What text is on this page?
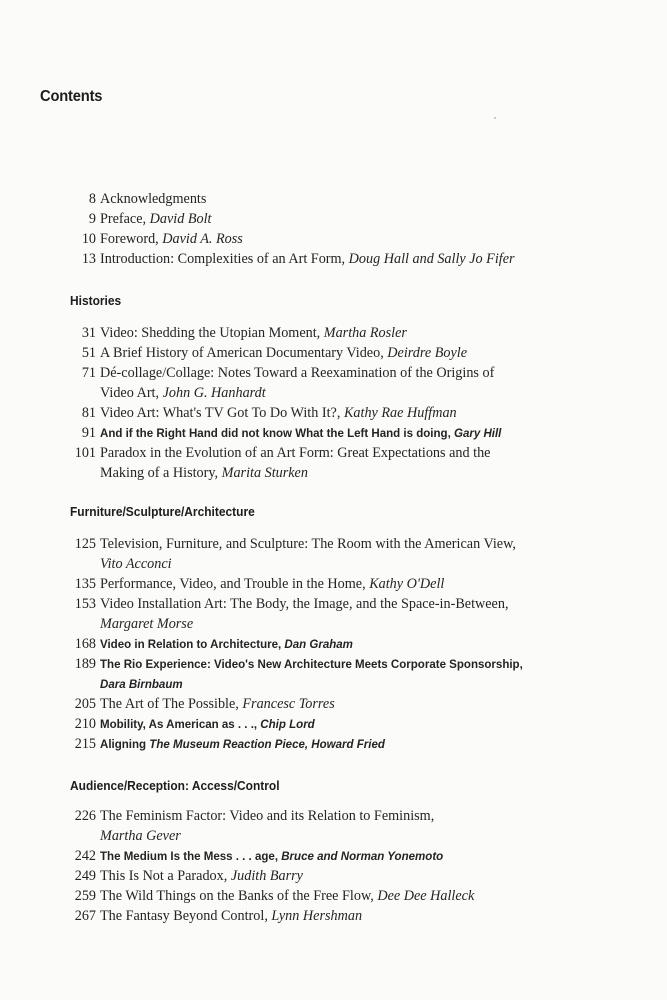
Contents
8 Acknowledgments
9 Preface, David Bolt
10 Foreword, David A. Ross
13 Introduction: Complexities of an Art Form, Doug Hall and Sally Jo Fifer
Histories
31 Video: Shedding the Utopian Moment, Martha Rosler
51 A Brief History of American Documentary Video, Deirdre Boyle
71 Dé-collage/Collage: Notes Toward a Reexamination of the Origins of
Video Art, John G. Hanhardt
81 Video Art: What's TV Got To Do With It?, Kathy Rae Huffman
91 And if the Right Hand did not know What the Left Hand is doing, Gary Hill
101 Paradox in the Evolution of an Art Form: Great Expectations and the
Making of a History, Marita Sturken
Furniture/Sculpture/Architecture
125 Television, Furniture, and Sculpture: The Room with the American View,
Vito Acconci
135 Performance, Video, and Trouble in the Home, Kathy O'Dell
153 Video Installation Art: The Body, the Image, and the Space-in-Between,
Margaret Morse
168 Video in Relation to Architecture, Dan Graham
189 The Rio Experience: Video's New Architecture Meets Corporate Sponsorship,
Dara Birnbaum
205 The Art of The Possible, Francesc Torres
210 Mobility, As American as . . ., Chip Lord
215 Aligning The Museum Reaction Piece, Howard Fried
Audience/Reception: Access/Control
226 The Feminism Factor: Video and its Relation to Feminism,
Martha Gever
242 The Medium Is the Mess . . . age, Bruce and Norman Yonemoto
249 This Is Not a Paradox, Judith Barry
259 The Wild Things on the Banks of the Free Flow, Dee Dee Halleck
267 The Fantasy Beyond Control, Lynn Hershman
